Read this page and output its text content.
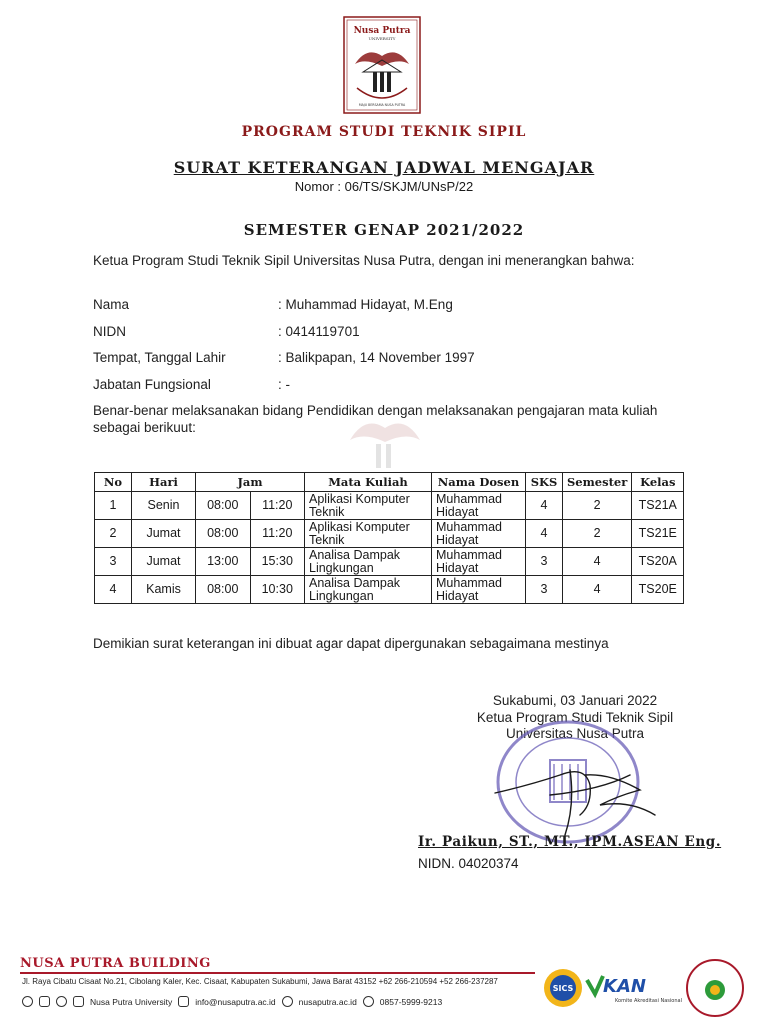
Nusa Putra
UNIVERSITY
MAJU BERSAMA NUSA PUTRA
PROGRAM STUDI TEKNIK SIPIL
SURAT KETERANGAN JADWAL MENGAJAR
Nomor : 06/TS/SKJM/UNsP/22
SEMESTER GENAP 2021/2022
Ketua Program Studi Teknik Sipil Universitas Nusa Putra, dengan ini menerangkan bahwa:
Nama	: Muhammad Hidayat, M.Eng
NIDN	: 0414119701
Tempat, Tanggal Lahir	: Balikpapan, 14 November 1997
Jabatan Fungsional	: -
Benar-benar melaksanakan bidang Pendidikan dengan melaksanakan pengajaran mata kuliah sebagai berikuut:
No	Hari	Jam		Mata Kuliah	Nama Dosen	SKS	Semester	Kelas
1	Senin	08:00	11:20	Aplikasi Komputer Teknik	Muhammad Hidayat	4	2	TS21A
2	Jumat	08:00	11:20	Aplikasi Komputer Teknik	Muhammad Hidayat	4	2	TS21E
3	Jumat	13:00	15:30	Analisa Dampak Lingkungan	Muhammad Hidayat	3	4	TS20A
4	Kamis	08:00	10:30	Analisa Dampak Lingkungan	Muhammad Hidayat	3	4	TS20E
Demikian surat keterangan ini dibuat agar dapat dipergunakan sebagaimana mestinya
Sukabumi, 03 Januari 2022
Ketua Program Studi Teknik Sipil
Universitas Nusa Putra
Ir. Paikun, ST., MT., IPM.ASEAN Eng.
NIDN. 04020374
NUSA PUTRA BUILDING
Jl. Raya Cibatu Cisaat No.21, Cibolang Kaler, Kec. Cisaat, Kabupaten Sukabumi, Jawa Barat 43152 +62 266-210594 +52 266-237287
Nusa Putra University	info@nusaputra.ac.id	nusaputra.ac.id	0857-5999-9213
SICS KAN
Komite Akreditasi Nasional
